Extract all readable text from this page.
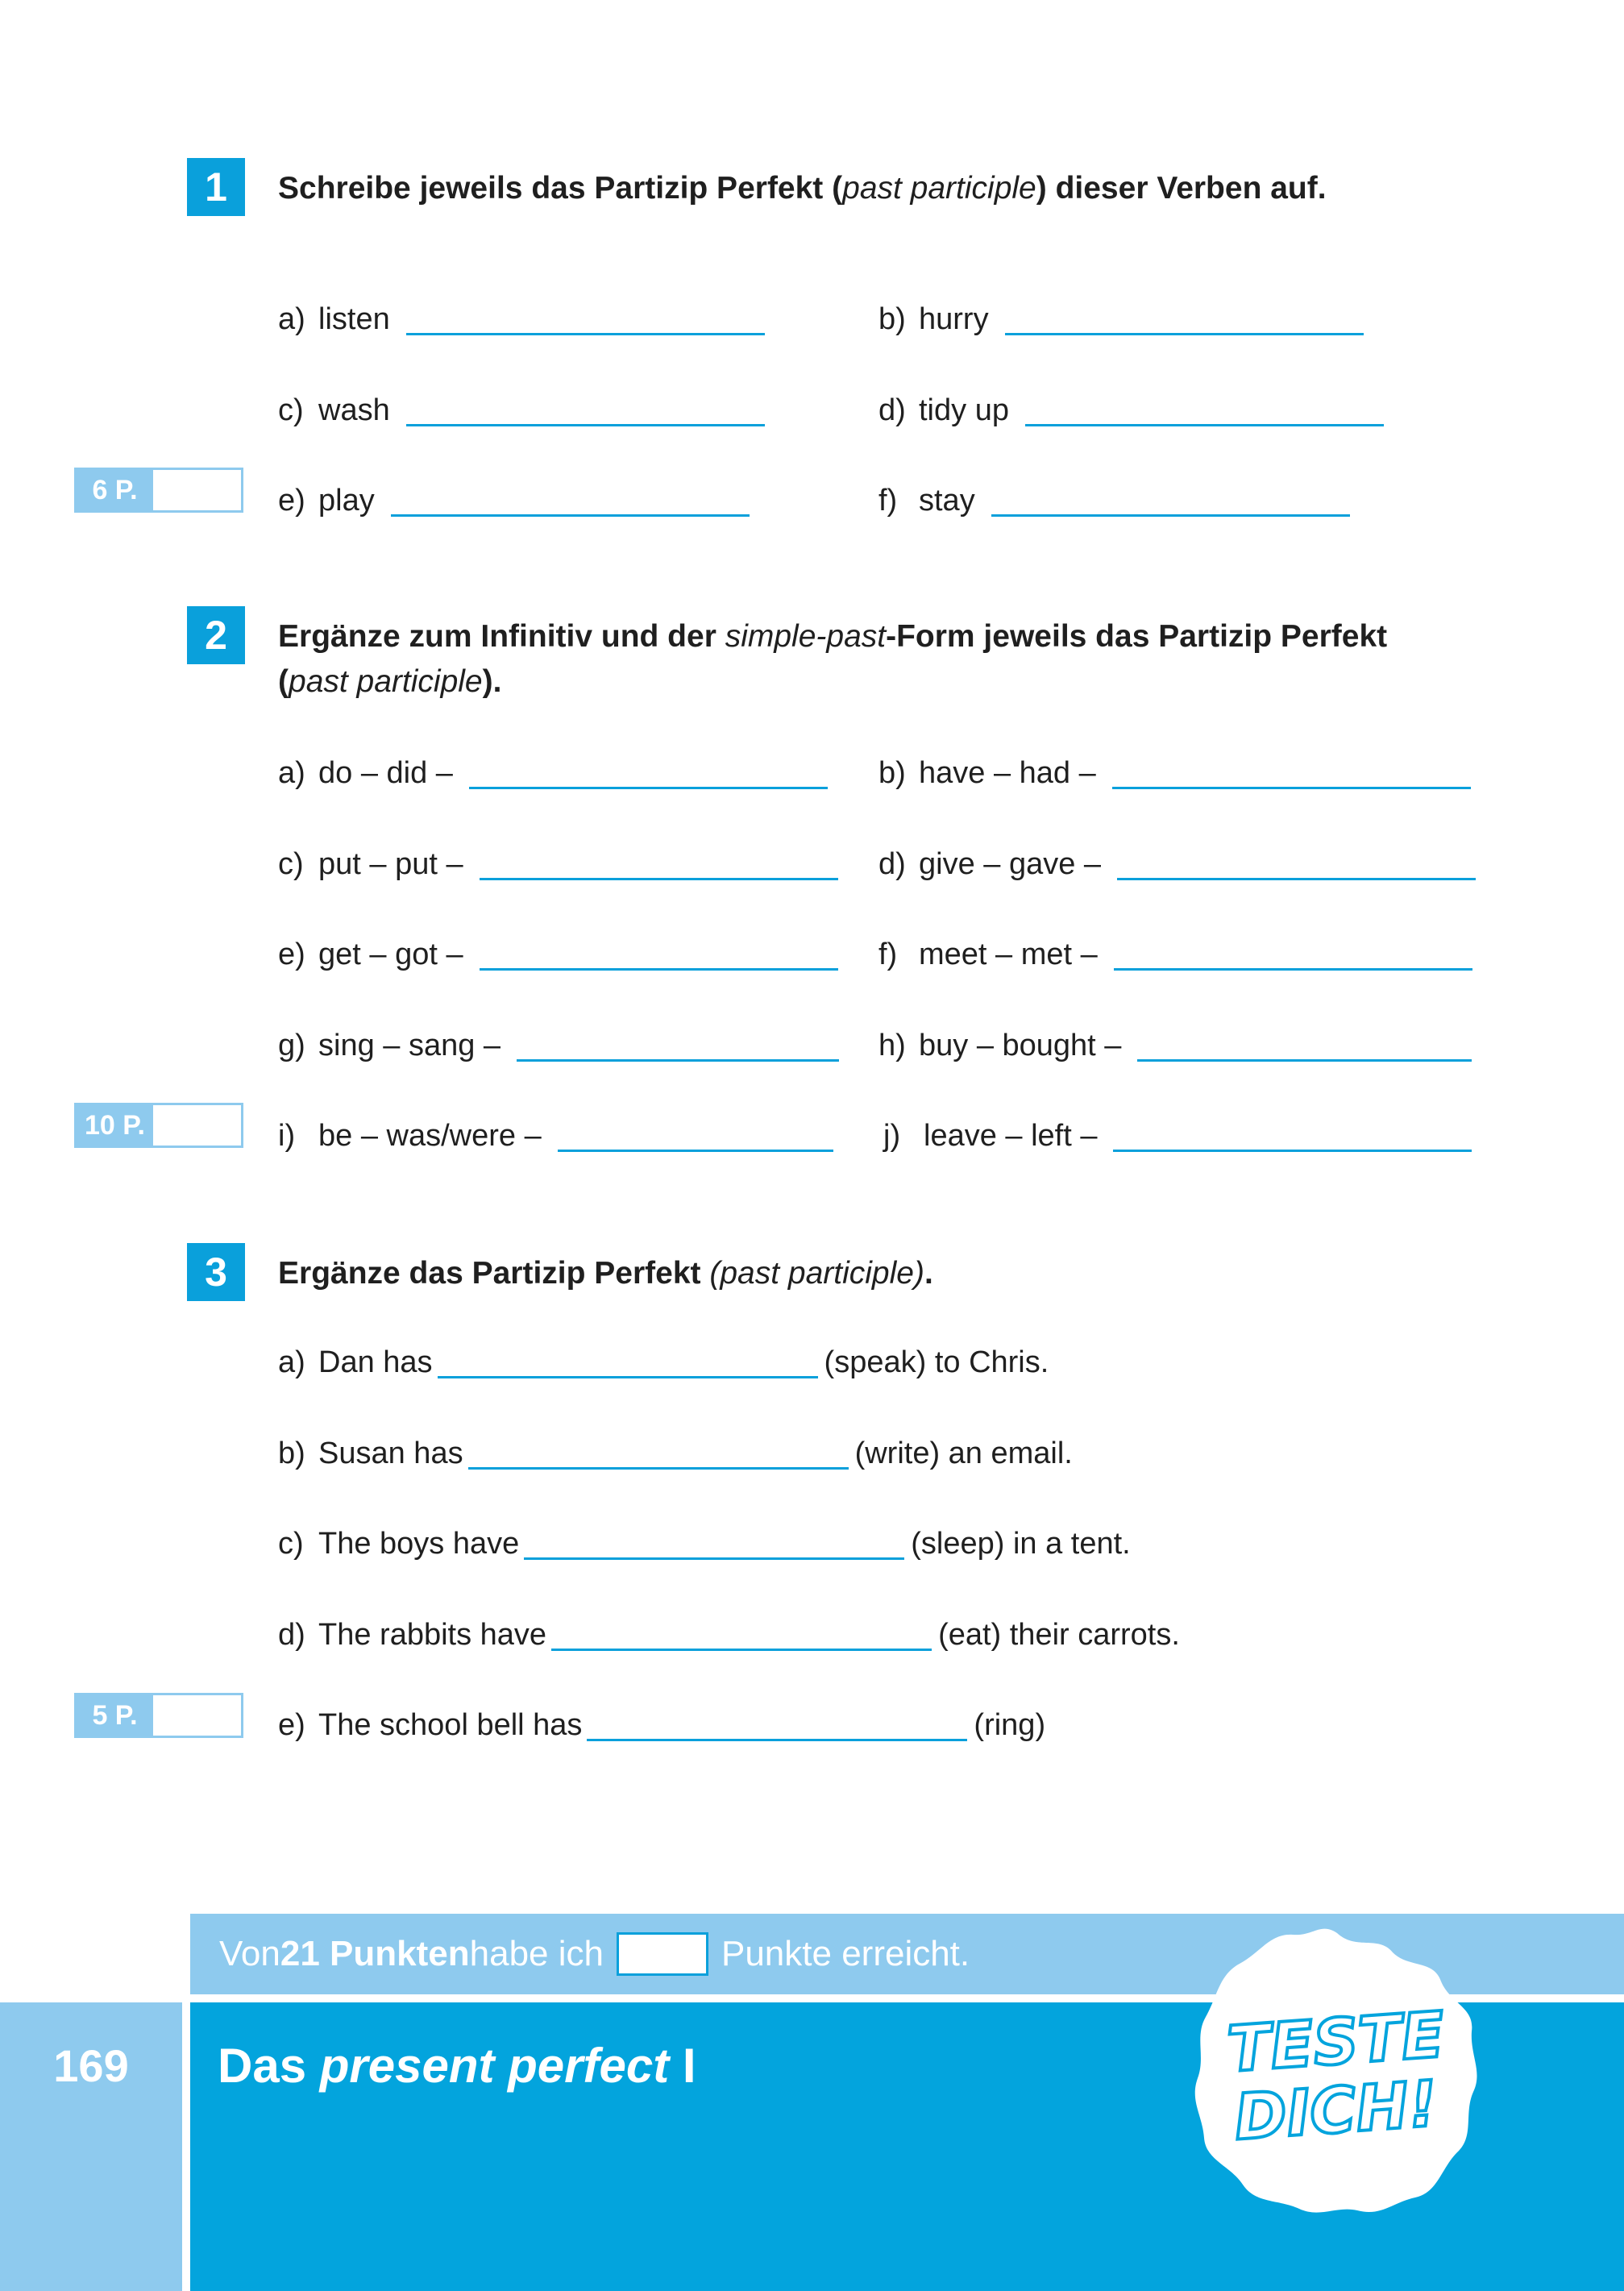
1	Schreibe jeweils das Partizip Perfekt (past participle) dieser Verben auf.
a) listen	b) hurry
c) wash	d) tidy up
e) play	f) stay
6 P.
2	Ergänze zum Infinitiv und der simple-past-Form jeweils das Partizip Perfekt
(past participle).
a) do – did –	b) have – had –
c) put – put –	d) give – gave –
e) get – got –	f) meet – met –
g) sing – sang –	h) buy – bought –
i) be – was/were –	j) leave – left –
10 P.
3	Ergänze das Partizip Perfekt (past participle).
a) Dan has	(speak) to Chris.
b) Susan has	(write) an email.
c) The boys have	(sleep) in a tent.
d) The rabbits have	(eat) their carrots.
e) The school bell has	(ring)
5 P.
Von 21 Punkten habe ich	Punkte erreicht.
169	Das present perfect I	TESTE
DICH!
